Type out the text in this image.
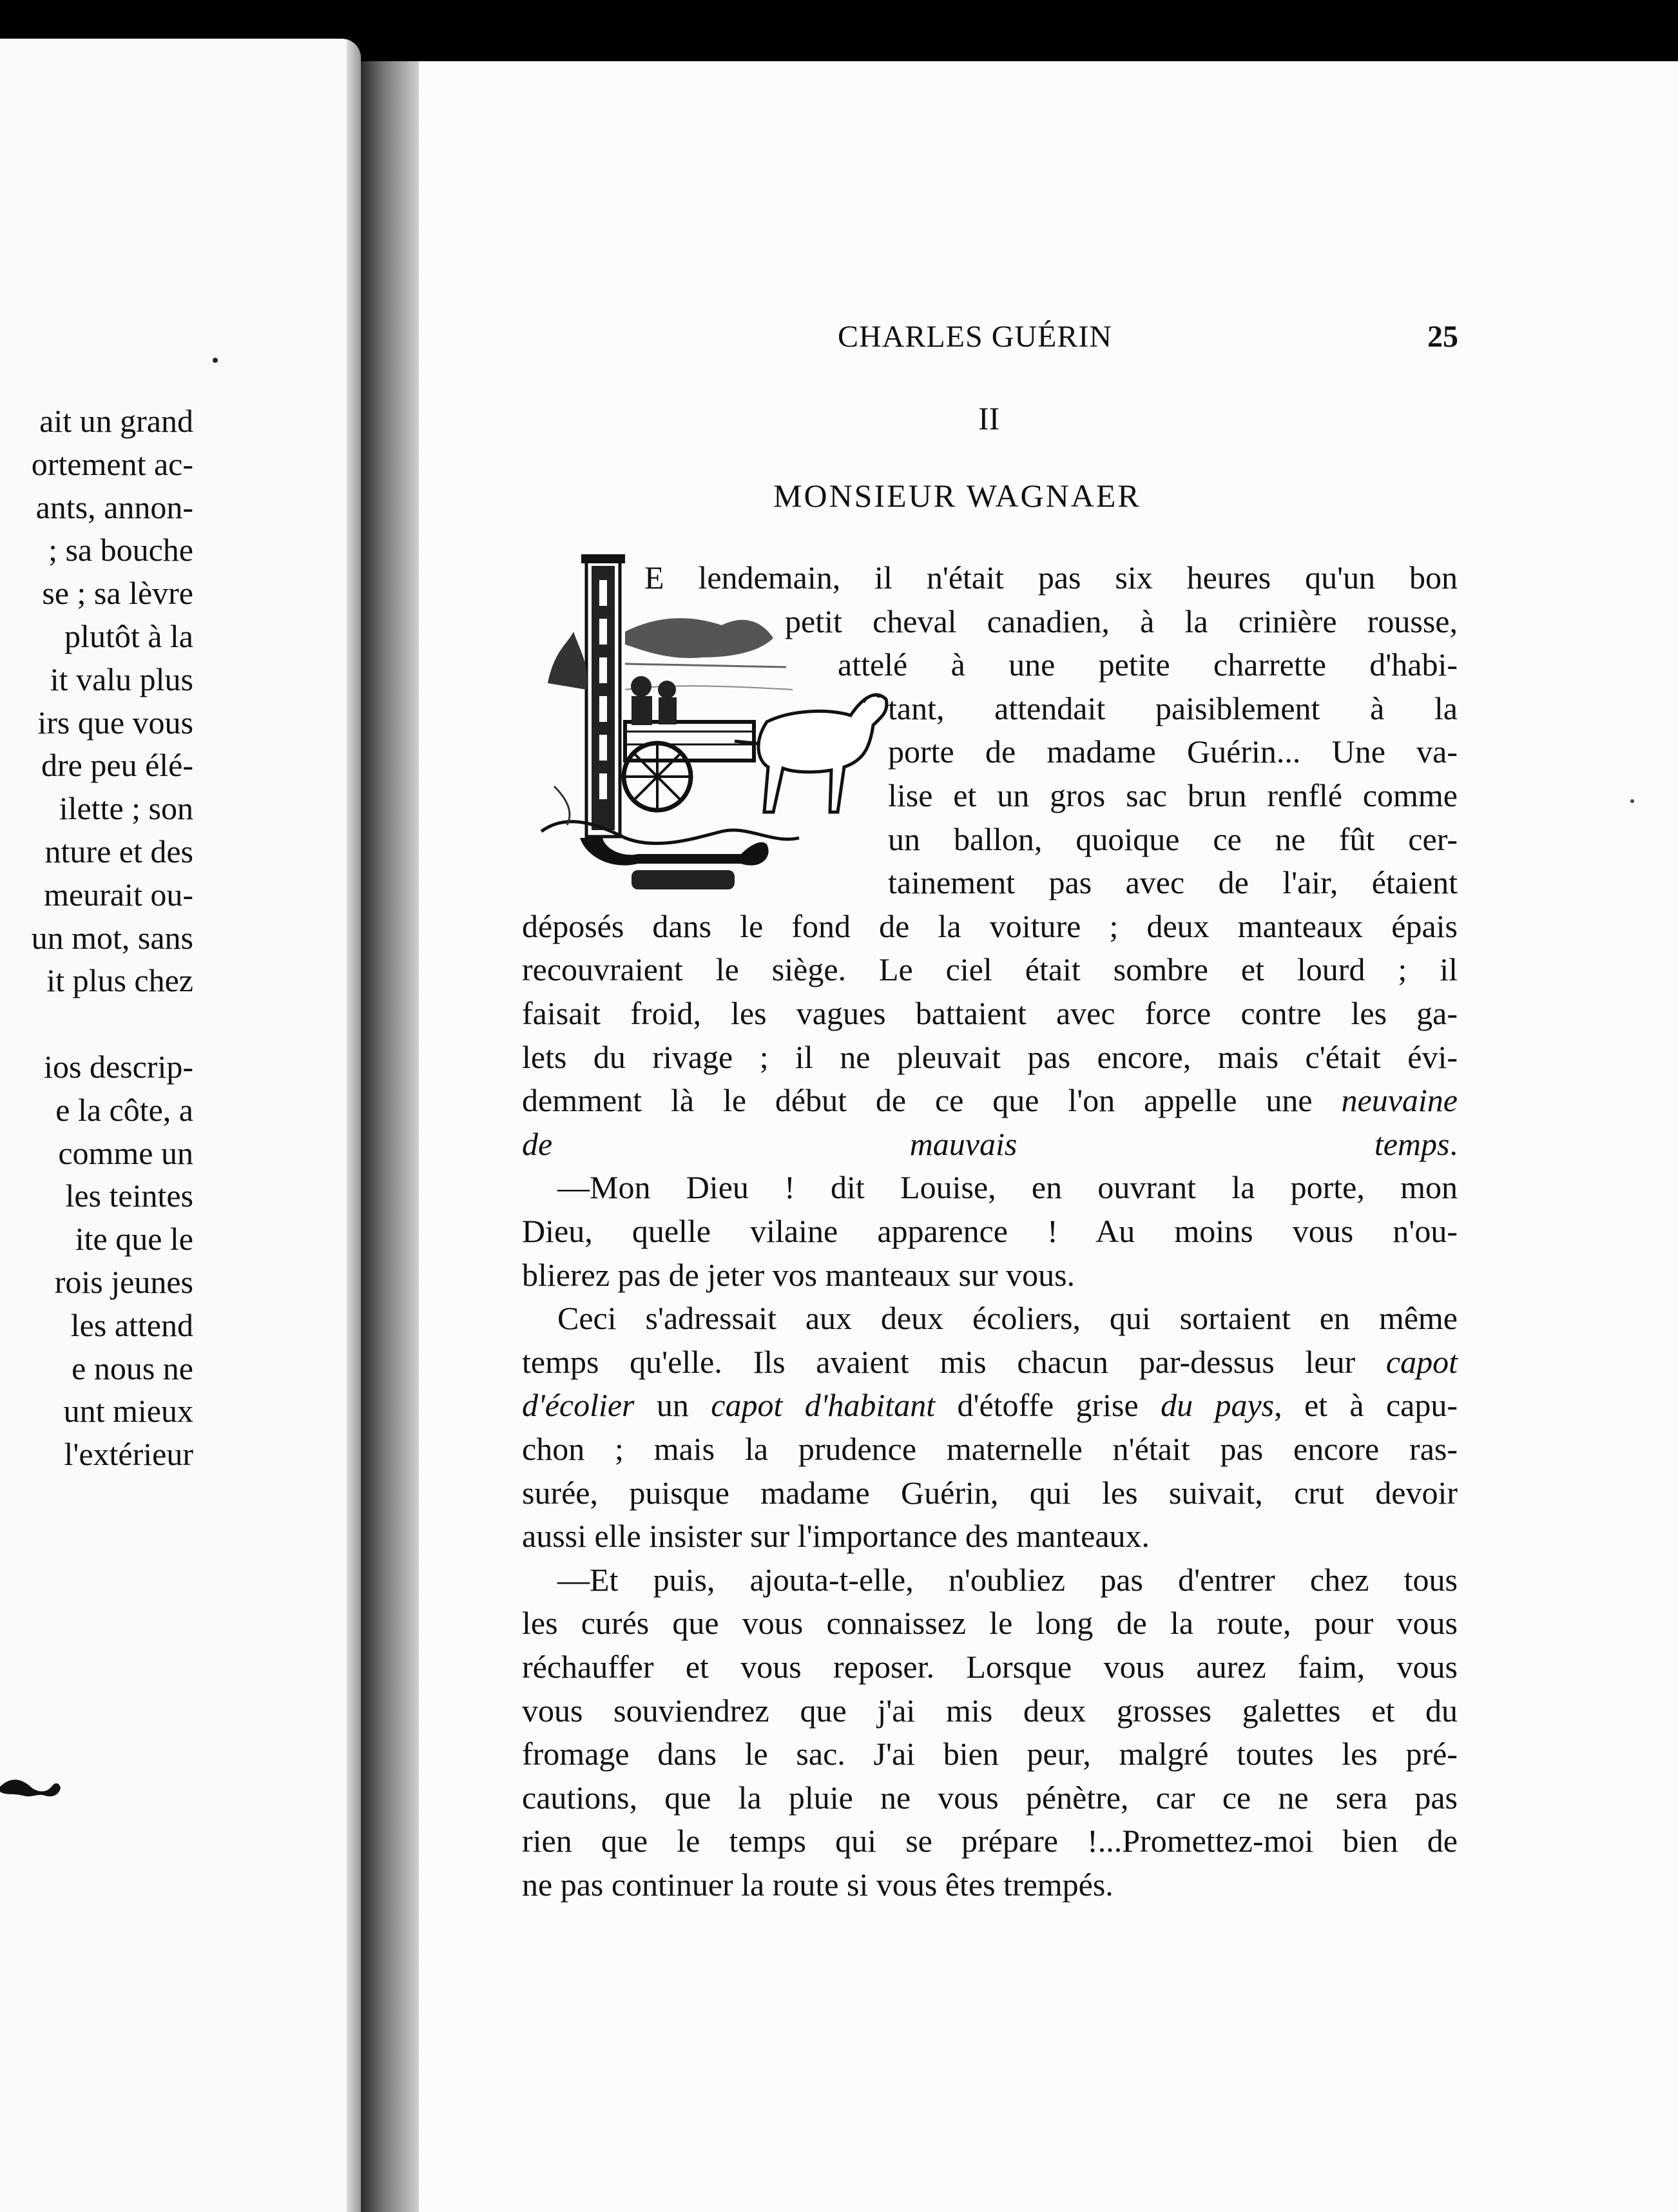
ait un grand
ortement ac-
ants, annon-
; sa bouche
se ; sa lèvre
plutôt à la
it valu plus
irs que vous
dre peu élé-
ilette ; son
nture et des
meurait ou-
un mot, sans
it plus chez
ios descrip-
e la côte, a
comme un
les teintes
ite que le
rois jeunes
les attend
e nous ne
unt mieux
l'extérieur
CHARLES GUÉRIN	25
II
MONSIEUR WAGNAER
E lendemain, il n'était pas six heures qu'un bon
petit cheval canadien, à la crinière rousse,
attelé à une petite charrette d'habi-
tant, attendait paisiblement à la
porte de madame Guérin... Une va-
lise et un gros sac brun renflé comme
un ballon, quoique ce ne fût cer-
tainement pas avec de l'air, étaient
déposés dans le fond de la voiture ; deux manteaux épais
recouvraient le siège. Le ciel était sombre et lourd ; il
faisait froid, les vagues battaient avec force contre les ga-
lets du rivage ; il ne pleuvait pas encore, mais c'était évi-
demment là le début de ce que l'on appelle une neuvaine
de mauvais temps.
—Mon Dieu ! dit Louise, en ouvrant la porte, mon
Dieu, quelle vilaine apparence ! Au moins vous n'ou-
blierez pas de jeter vos manteaux sur vous.
Ceci s'adressait aux deux écoliers, qui sortaient en même
temps qu'elle. Ils avaient mis chacun par-dessus leur capot
d'écolier un capot d'habitant d'étoffe grise du pays, et à capu-
chon ; mais la prudence maternelle n'était pas encore ras-
surée, puisque madame Guérin, qui les suivait, crut devoir
aussi elle insister sur l'importance des manteaux.
—Et puis, ajouta-t-elle, n'oubliez pas d'entrer chez tous
les curés que vous connaissez le long de la route, pour vous
réchauffer et vous reposer. Lorsque vous aurez faim, vous
vous souviendrez que j'ai mis deux grosses galettes et du
fromage dans le sac. J'ai bien peur, malgré toutes les pré-
cautions, que la pluie ne vous pénètre, car ce ne sera pas
rien que le temps qui se prépare !...Promettez-moi bien de
ne pas continuer la route si vous êtes trempés.
